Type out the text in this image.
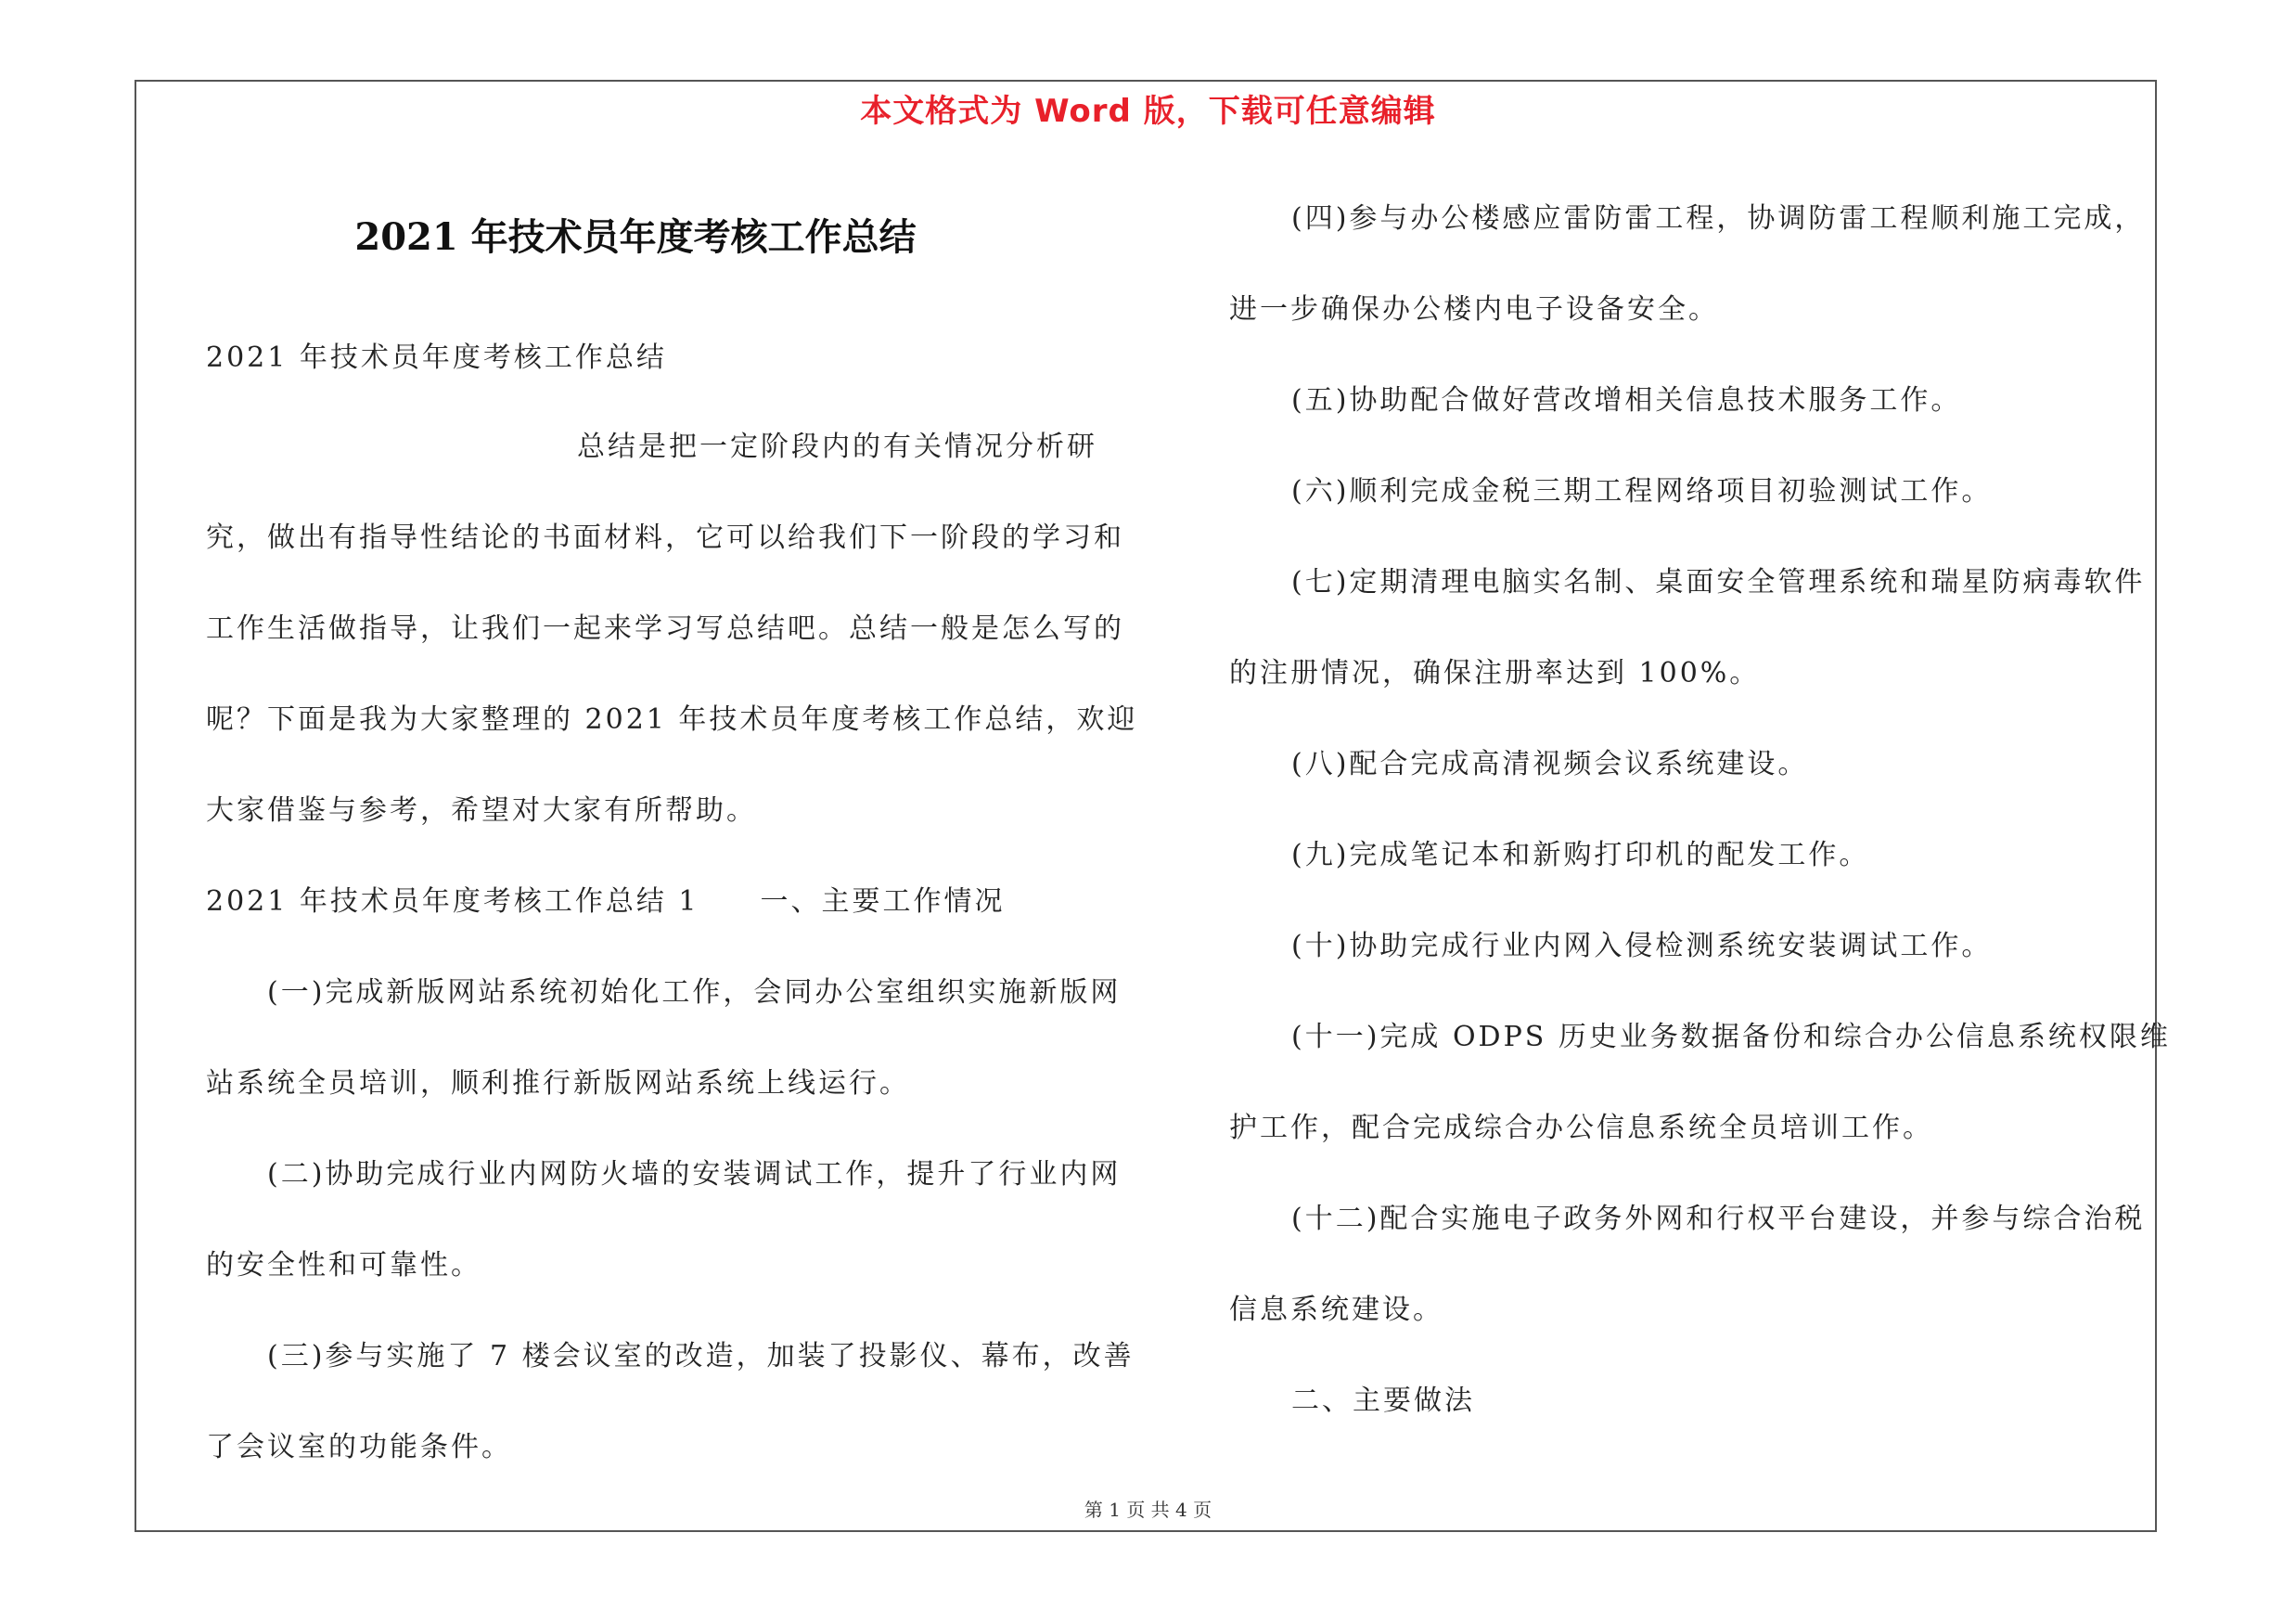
本文格式为 Word 版，下载可任意编辑
2021 年技术员年度考核工作总结
2021 年技术员年度考核工作总结
总结是把一定阶段内的有关情况分析研
究，做出有指导性结论的书面材料，它可以给我们下一阶段的学习和
工作生活做指导，让我们一起来学习写总结吧。总结一般是怎么写的
呢？下面是我为大家整理的 2021 年技术员年度考核工作总结，欢迎
大家借鉴与参考，希望对大家有所帮助。
2021 年技术员年度考核工作总结 1　　一、主要工作情况
(一)完成新版网站系统初始化工作，会同办公室组织实施新版网
站系统全员培训，顺利推行新版网站系统上线运行。
(二)协助完成行业内网防火墙的安装调试工作，提升了行业内网
的安全性和可靠性。
(三)参与实施了 7 楼会议室的改造，加装了投影仪、幕布，改善
了会议室的功能条件。
(四)参与办公楼感应雷防雷工程，协调防雷工程顺利施工完成，
进一步确保办公楼内电子设备安全。
(五)协助配合做好营改增相关信息技术服务工作。
(六)顺利完成金税三期工程网络项目初验测试工作。
(七)定期清理电脑实名制、桌面安全管理系统和瑞星防病毒软件
的注册情况，确保注册率达到 100%。
(八)配合完成高清视频会议系统建设。
(九)完成笔记本和新购打印机的配发工作。
(十)协助完成行业内网入侵检测系统安装调试工作。
(十一)完成 ODPS 历史业务数据备份和综合办公信息系统权限维
护工作，配合完成综合办公信息系统全员培训工作。
(十二)配合实施电子政务外网和行权平台建设，并参与综合治税
信息系统建设。
二、主要做法
第 1 页 共 4 页
